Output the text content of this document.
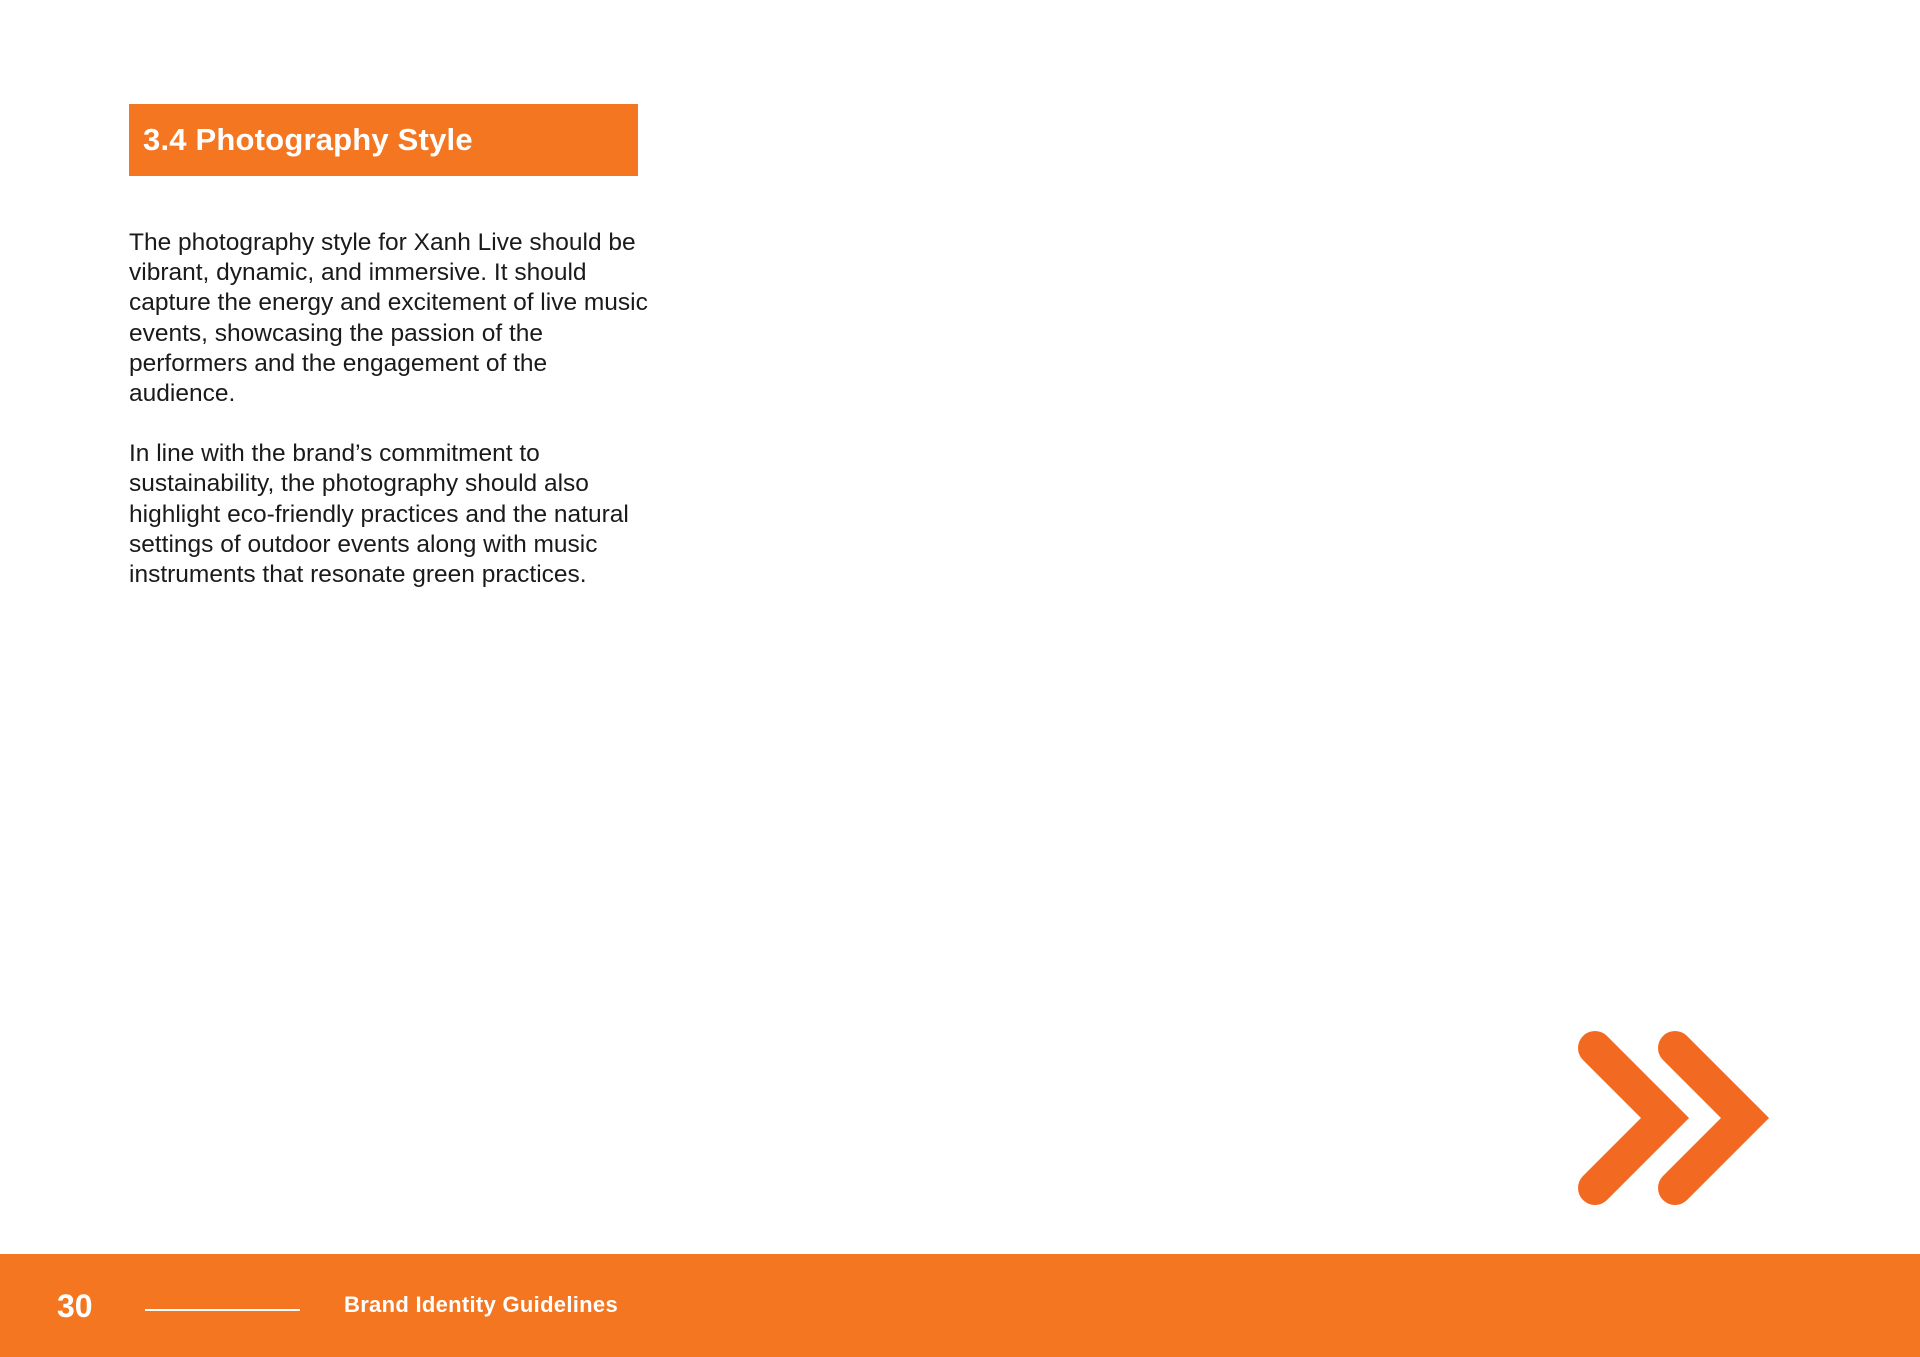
3.4 Photography Style

The photography style for Xanh Live should be vibrant, dynamic, and immersive. It should capture the energy and excitement of live music events, showcasing the passion of the performers and the engagement of the audience.

In line with the brand’s commitment to sustainability, the photography should also highlight eco-friendly practices and the natural settings of outdoor events along with music instruments that resonate green practices.

30	Brand Identity Guidelines
